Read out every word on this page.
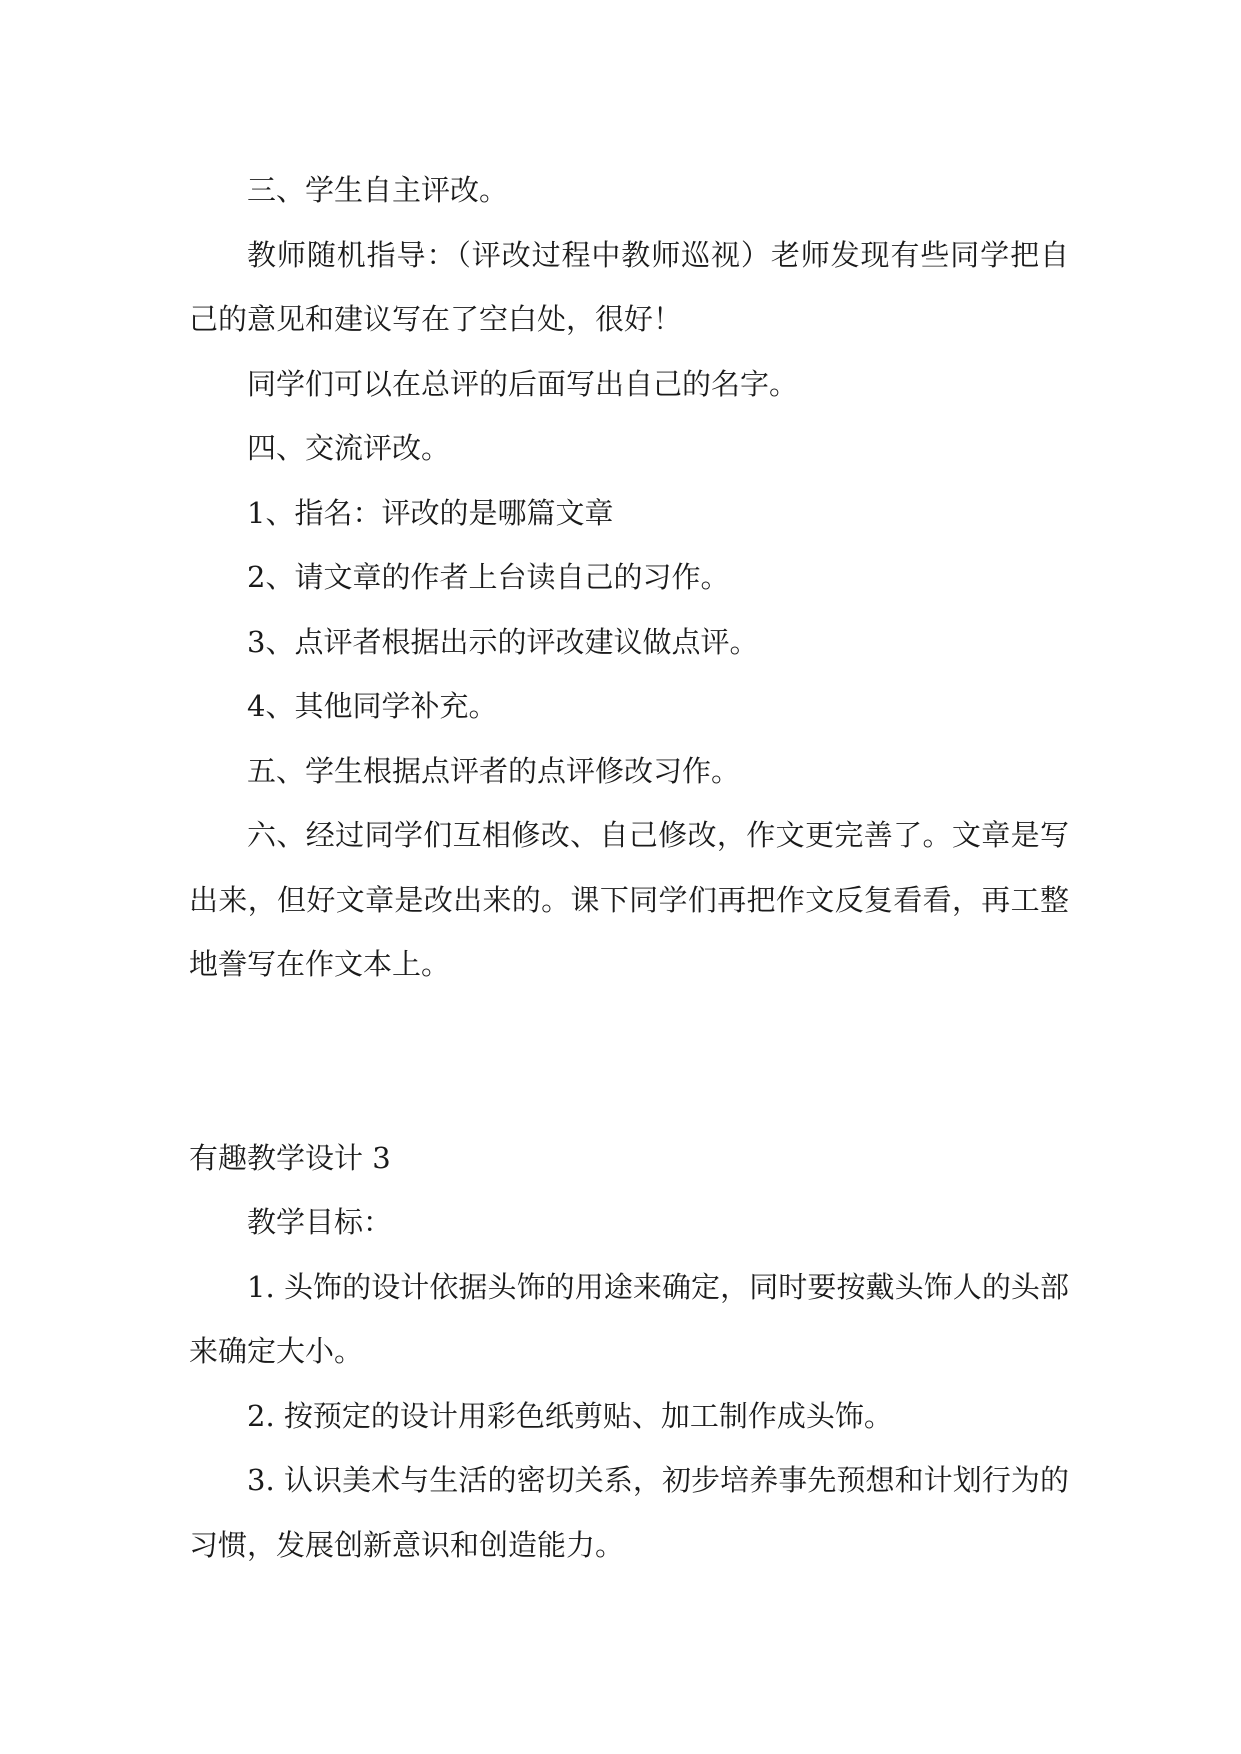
三、学生自主评改。

教师随机指导：（评改过程中教师巡视）老师发现有些同学把自己的意见和建议写在了空白处，很好！

同学们可以在总评的后面写出自己的名字。

四、交流评改。

1、指名：评改的是哪篇文章

2、请文章的作者上台读自己的习作。

3、点评者根据出示的评改建议做点评。

4、其他同学补充。

五、学生根据点评者的点评修改习作。

六、经过同学们互相修改、自己修改，作文更完善了。文章是写出来，但好文章是改出来的。课下同学们再把作文反复看看，再工整地誊写在作文本上。

有趣教学设计 3

教学目标：

1. 头饰的设计依据头饰的用途来确定，同时要按戴头饰人的头部来确定大小。

2. 按预定的设计用彩色纸剪贴、加工制作成头饰。

3. 认识美术与生活的密切关系，初步培养事先预想和计划行为的习惯，发展创新意识和创造能力。
